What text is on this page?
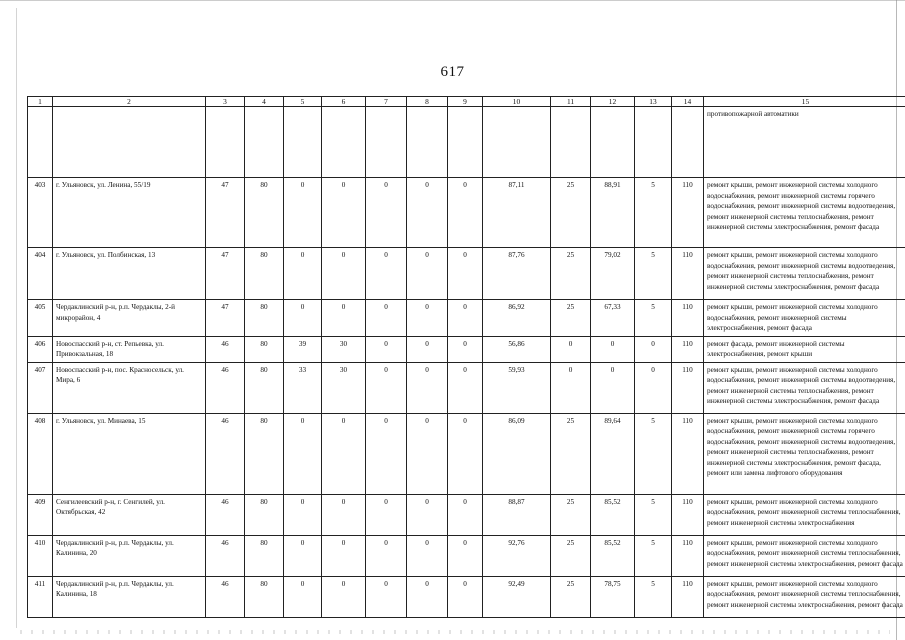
617
1	2	3	4	5	6	7	8	9	10	11	12	13	14	15
														противопожарной автоматики
403	г. Ульяновск, ул. Ленина, 55/19	47	80	0	0	0	0	0	87,11	25	88,91	5	110	ремонт крыши, ремонт инженерной системы холодного водоснабжения, ремонт инженерной системы горячего водоснабжения, ремонт инженерной системы водоотведения, ремонт инженерной системы теплоснабжения, ремонт инженерной системы электроснабжения, ремонт фасада
404	г. Ульяновск, ул. Полбинская, 13	47	80	0	0	0	0	0	87,76	25	79,02	5	110	ремонт крыши, ремонт инженерной системы холодного водоснабжения, ремонт инженерной системы водоотведения, ремонт инженерной системы теплоснабжения, ремонт инженерной системы электроснабжения, ремонт фасада
405	Чердаклинский р-н, р.п. Чердаклы, 2-й микрорайон, 4	47	80	0	0	0	0	0	86,92	25	67,33	5	110	ремонт крыши, ремонт инженерной системы холодного водоснабжения, ремонт инженерной системы электроснабжения, ремонт фасада
406	Новоспасский р-н, ст. Репьевка, ул. Привокзальная, 18	46	80	39	30	0	0	0	56,86	0	0	0	110	ремонт фасада, ремонт инженерной системы электроснабжения, ремонт крыши
407	Новоспасский р-н, пос. Красносельск, ул. Мира, 6	46	80	33	30	0	0	0	59,93	0	0	0	110	ремонт крыши, ремонт инженерной системы холодного водоснабжения, ремонт инженерной системы водоотведения, ремонт инженерной системы теплоснабжения, ремонт инженерной системы электроснабжения, ремонт фасада
408	г. Ульяновск, ул. Минаева, 15	46	80	0	0	0	0	0	86,09	25	89,64	5	110	ремонт крыши, ремонт инженерной системы холодного водоснабжения, ремонт инженерной системы горячего водоснабжения, ремонт инженерной системы водоотведения, ремонт инженерной системы теплоснабжения, ремонт инженерной системы электроснабжения, ремонт фасада, ремонт или замена лифтового оборудования
409	Сенгилеевский р-н, г. Сенгилей, ул. Октябрьская, 42	46	80	0	0	0	0	0	88,87	25	85,52	5	110	ремонт крыши, ремонт инженерной системы холодного водоснабжения, ремонт инженерной системы теплоснабжения, ремонт инженерной системы электроснабжения
410	Чердаклинский р-н, р.п. Чердаклы, ул. Калинина, 20	46	80	0	0	0	0	0	92,76	25	85,52	5	110	ремонт крыши, ремонт инженерной системы холодного водоснабжения, ремонт инженерной системы теплоснабжения, ремонт инженерной системы электроснабжения, ремонт фасада
411	Чердаклинский р-н, р.п. Чердаклы, ул. Калинина, 18	46	80	0	0	0	0	0	92,49	25	78,75	5	110	ремонт крыши, ремонт инженерной системы холодного водоснабжения, ремонт инженерной системы теплоснабжения, ремонт инженерной системы электроснабжения, ремонт фасада
